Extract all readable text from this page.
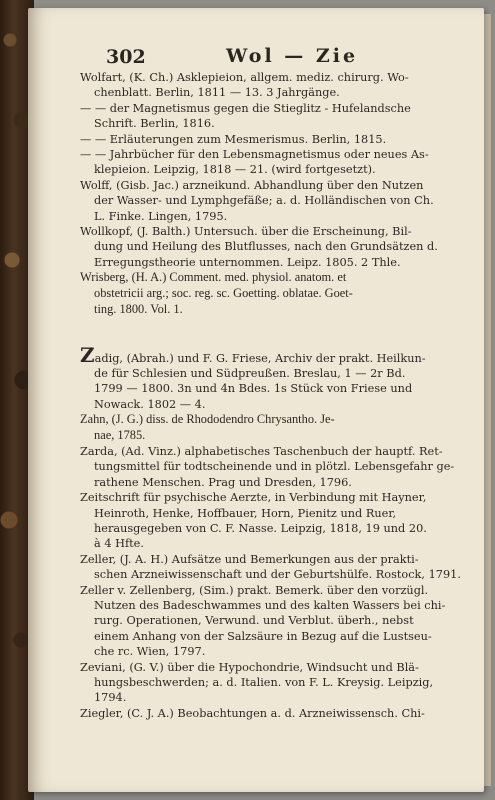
302	Wol — Zie

Wolfart, (K. Ch.) Asklepieion, allgem. mediz. chirurg. Wo-
chenblatt. Berlin, 1811 — 13. 3 Jahrgänge.

— — der Magnetismus gegen die Stieglitz - Hufelandsche
Schrift. Berlin, 1816.

— — Erläuterungen zum Mesmerismus. Berlin, 1815.

— — Jahrbücher für den Lebensmagnetismus oder neues As-
klepieion. Leipzig, 1818 — 21. (wird fortgesetzt).

Wolff, (Gisb. Jac.) arzneikund. Abhandlung über den Nutzen
der Wasser- und Lymphgefäße; a. d. Holländischen von Ch.
L. Finke. Lingen, 1795.

Wollkopf, (J. Balth.) Untersuch. über die Erscheinung, Bil-
dung und Heilung des Blutflusses, nach den Grundsätzen d.
Erregungstheorie unternommen. Leipz. 1805. 2 Thle.

Wrisberg, (H. A.) Comment. med. physiol. anatom. et
obstetricii arg.; soc. reg. sc. Goetting. oblatae. Goet-
ting. 1800. Vol. 1.

Zadig, (Abrah.) und F. G. Friese, Archiv der prakt. Heilkun-
de für Schlesien und Südpreußen. Breslau, 1 — 2r Bd.
1799 — 1800. 3n und 4n Bdes. 1s Stück von Friese und
Nowack. 1802 — 4.

Zahn, (J. G.) diss. de Rhododendro Chrysantho. Je-
nae, 1785.

Zarda, (Ad. Vinz.) alphabetisches Taschenbuch der hauptf. Ret-
tungsmittel für todtscheinende und in plötzl. Lebensgefahr ge-
rathene Menschen. Prag und Dresden, 1796.

Zeitschrift für psychische Aerzte, in Verbindung mit Hayner,
Heinroth, Henke, Hoffbauer, Horn, Pienitz und Ruer,
herausgegeben von C. F. Nasse. Leipzig, 1818, 19 und 20.
à 4 Hfte.

Zeller, (J. A. H.) Aufsätze und Bemerkungen aus der prakti-
schen Arzneiwissenschaft und der Geburtshülfe. Rostock, 1791.

Zeller v. Zellenberg, (Sim.) prakt. Bemerk. über den vorzügl.
Nutzen des Badeschwammes und des kalten Wassers bei chi-
rurg. Operationen, Verwund. und Verblut. überh., nebst
einem Anhang von der Salzsäure in Bezug auf die Lustseu-
che rc. Wien, 1797.

Zeviani, (G. V.) über die Hypochondrie, Windsucht und Blä-
hungsbeschwerden; a. d. Italien. von F. L. Kreysig. Leipzig,
1794.

Ziegler, (C. J. A.) Beobachtungen a. d. Arzneiwissensch. Chi-
